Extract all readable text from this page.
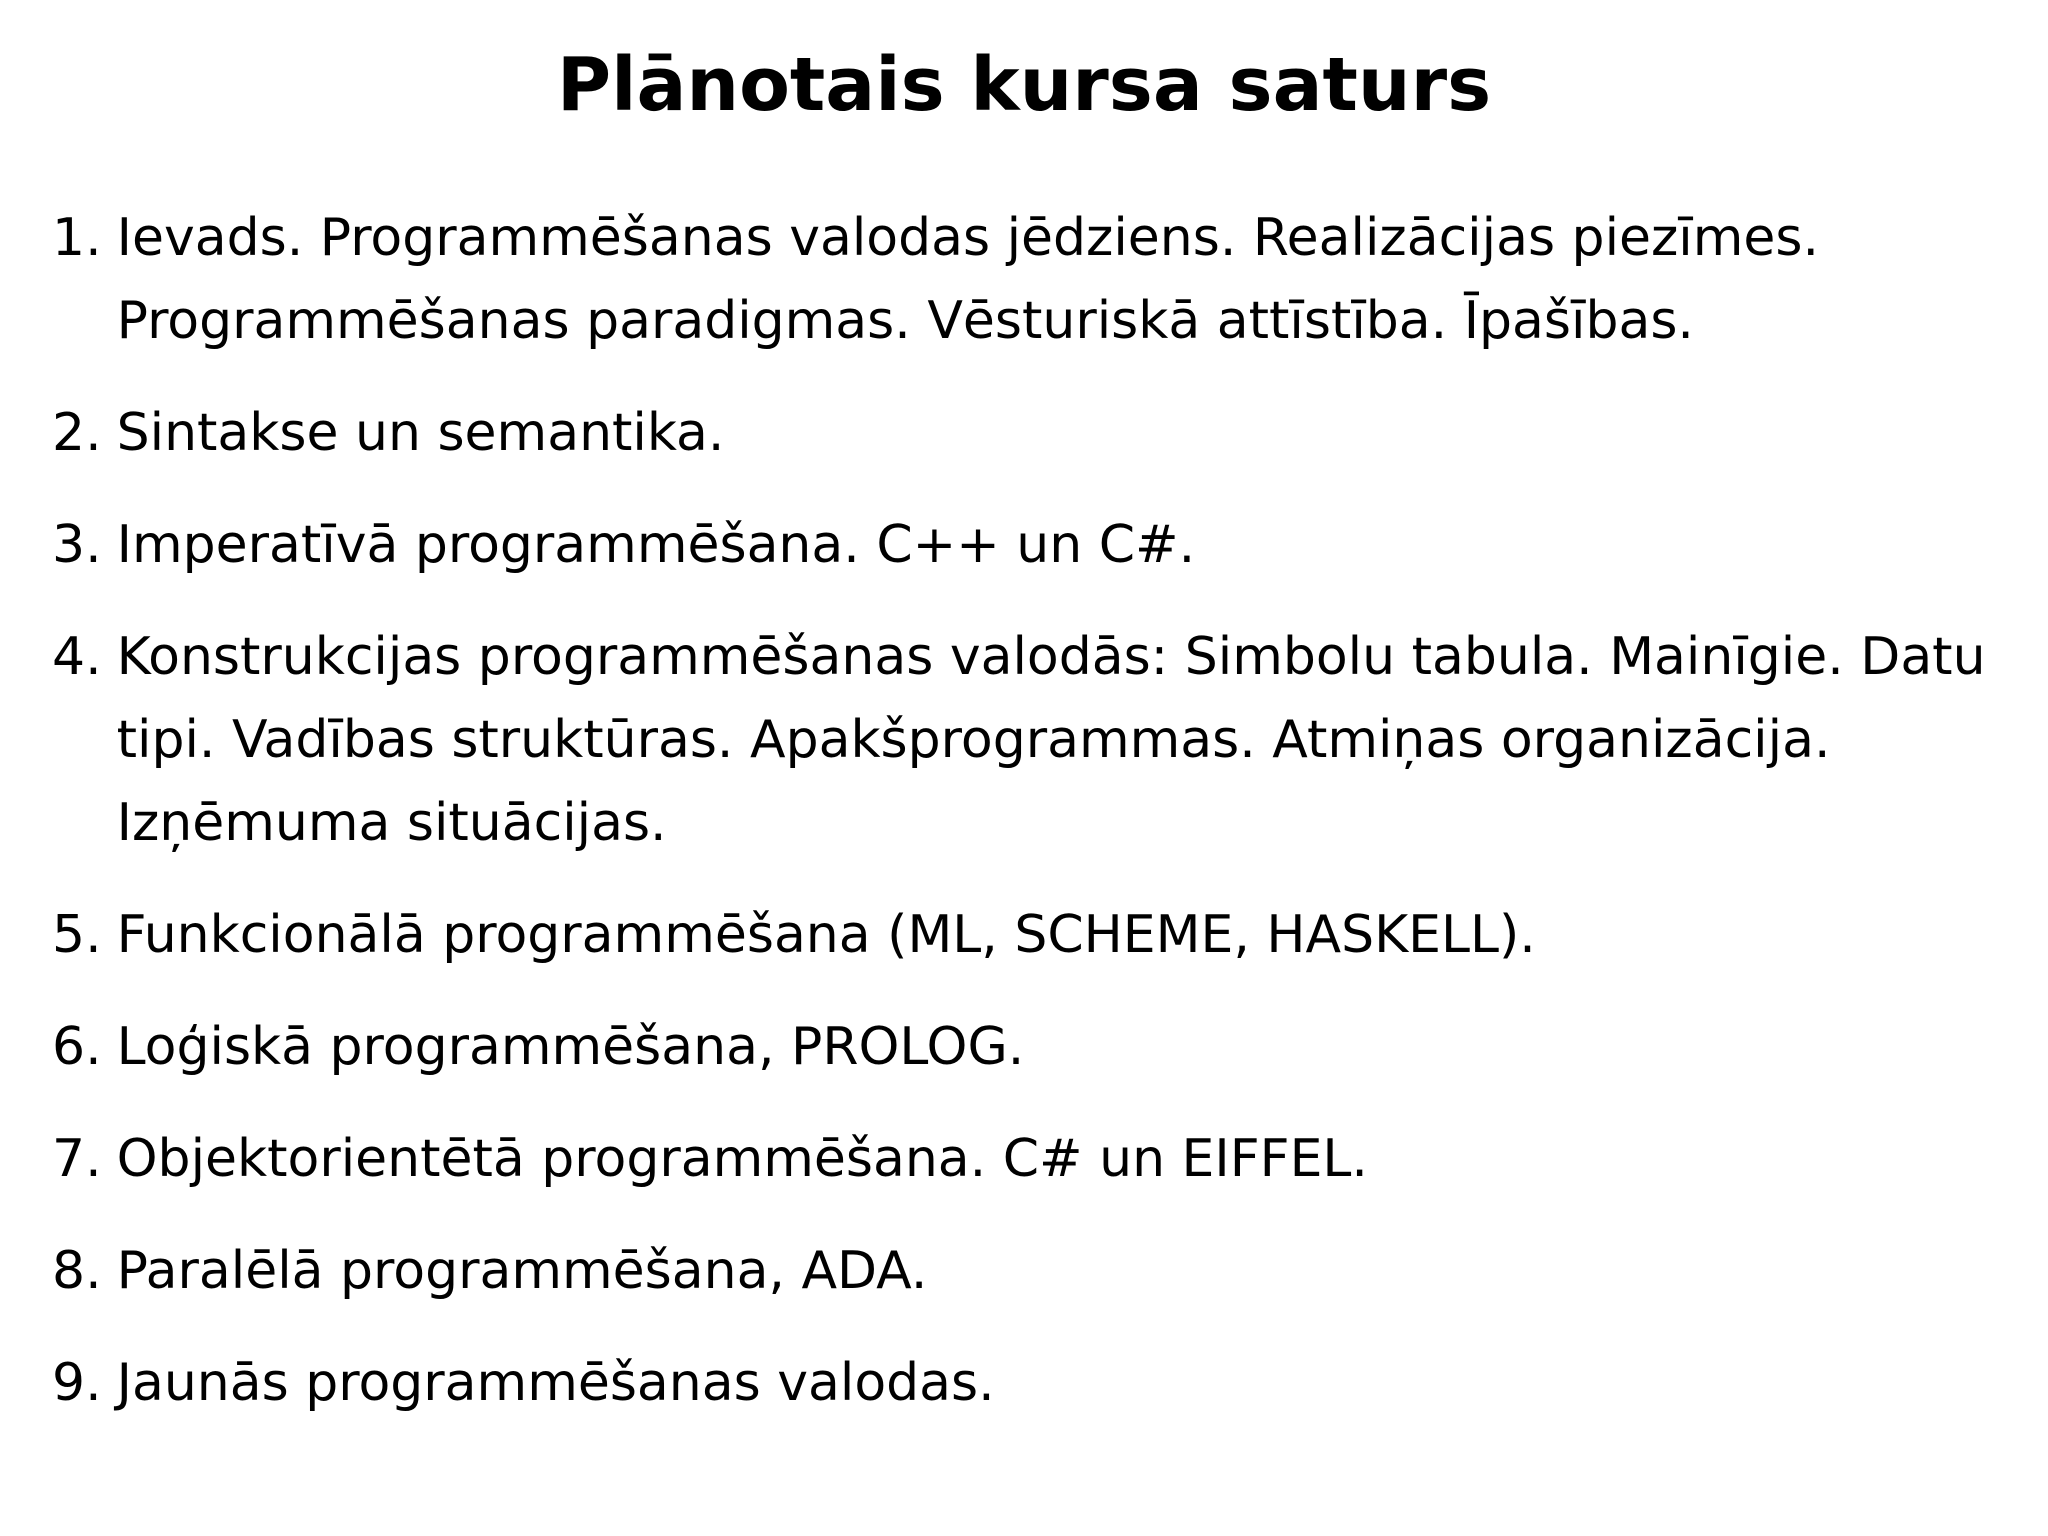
Plānotais kursa saturs
1. Ievads. Programmēšanas valodas jēdziens. Realizācijas piezīmes.
Programmēšanas paradigmas. Vēsturiskā attīstība. Īpašības.
2. Sintakse un semantika.
3. Imperatīvā programmēšana. C++ un C#.
4. Konstrukcijas programmēšanas valodās: Simbolu tabula. Mainīgie. Datu
tipi. Vadības struktūras. Apakšprogrammas. Atmiņas organizācija.
Izņēmuma situācijas.
5. Funkcionālā programmēšana (ML, SCHEME, HASKELL).
6. Loģiskā programmēšana, PROLOG.
7. Objektorientētā programmēšana. C# un EIFFEL.
8. Paralēlā programmēšana, ADA.
9. Jaunās programmēšanas valodas.
